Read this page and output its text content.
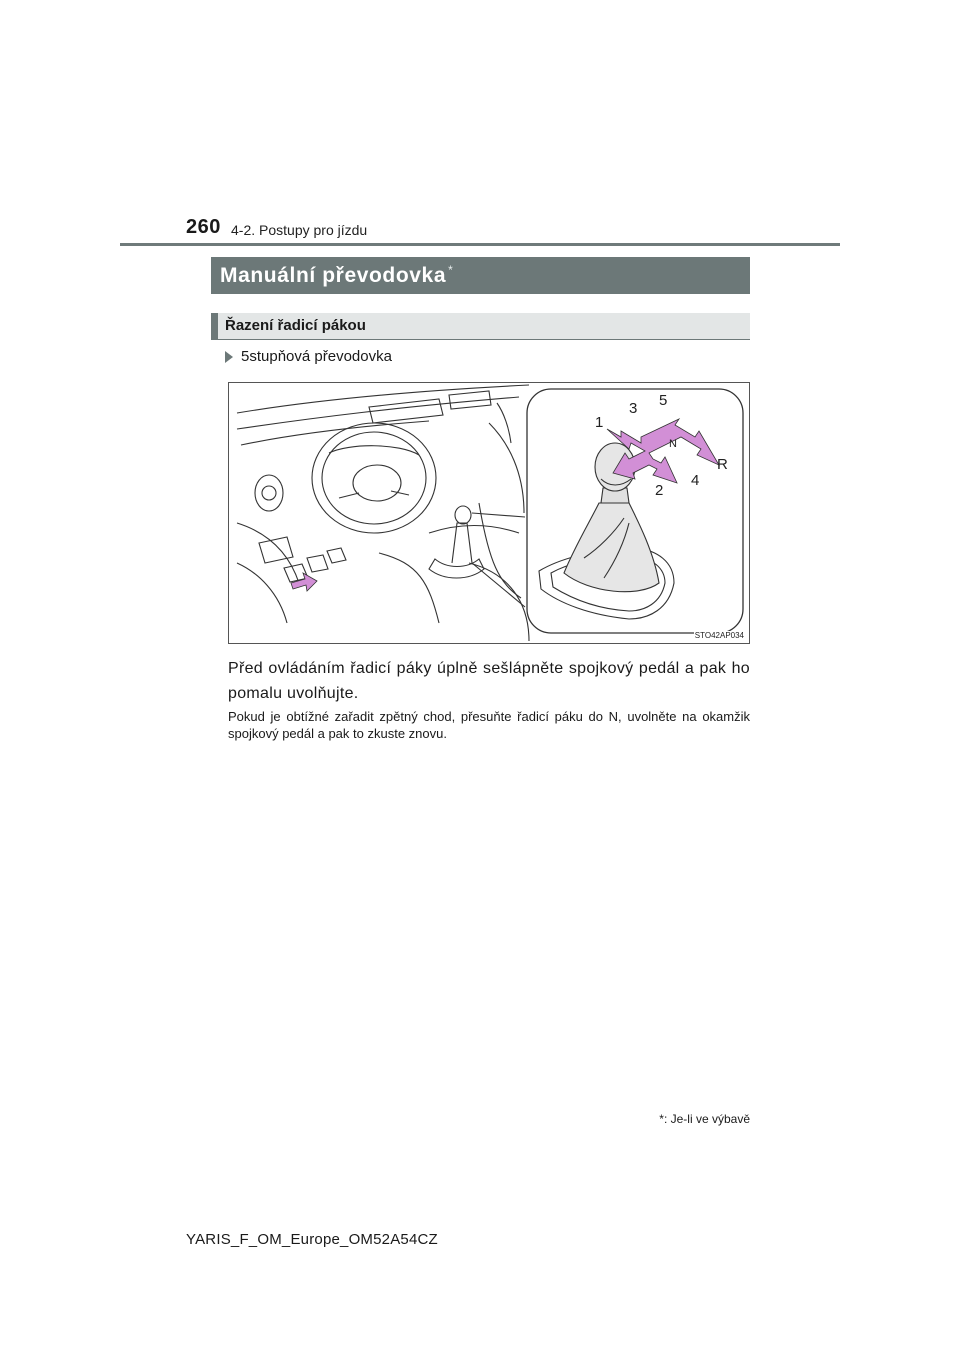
260 4-2. Postupy pro jízdu
Manuální převodovka *
Řazení řadicí pákou
5stupňová převodovka
1
2
3
4
5
N
R
STO42AP034
Před ovládáním řadicí páky úplně sešlápněte spojkový pedál a pak ho pomalu uvolňujte.
Pokud je obtížné zařadit zpětný chod, přesuňte řadicí páku do N, uvolněte na okamžik spojkový pedál a pak to zkuste znovu.
*: Je-li ve výbavě
YARIS_F_OM_Europe_OM52A54CZ
